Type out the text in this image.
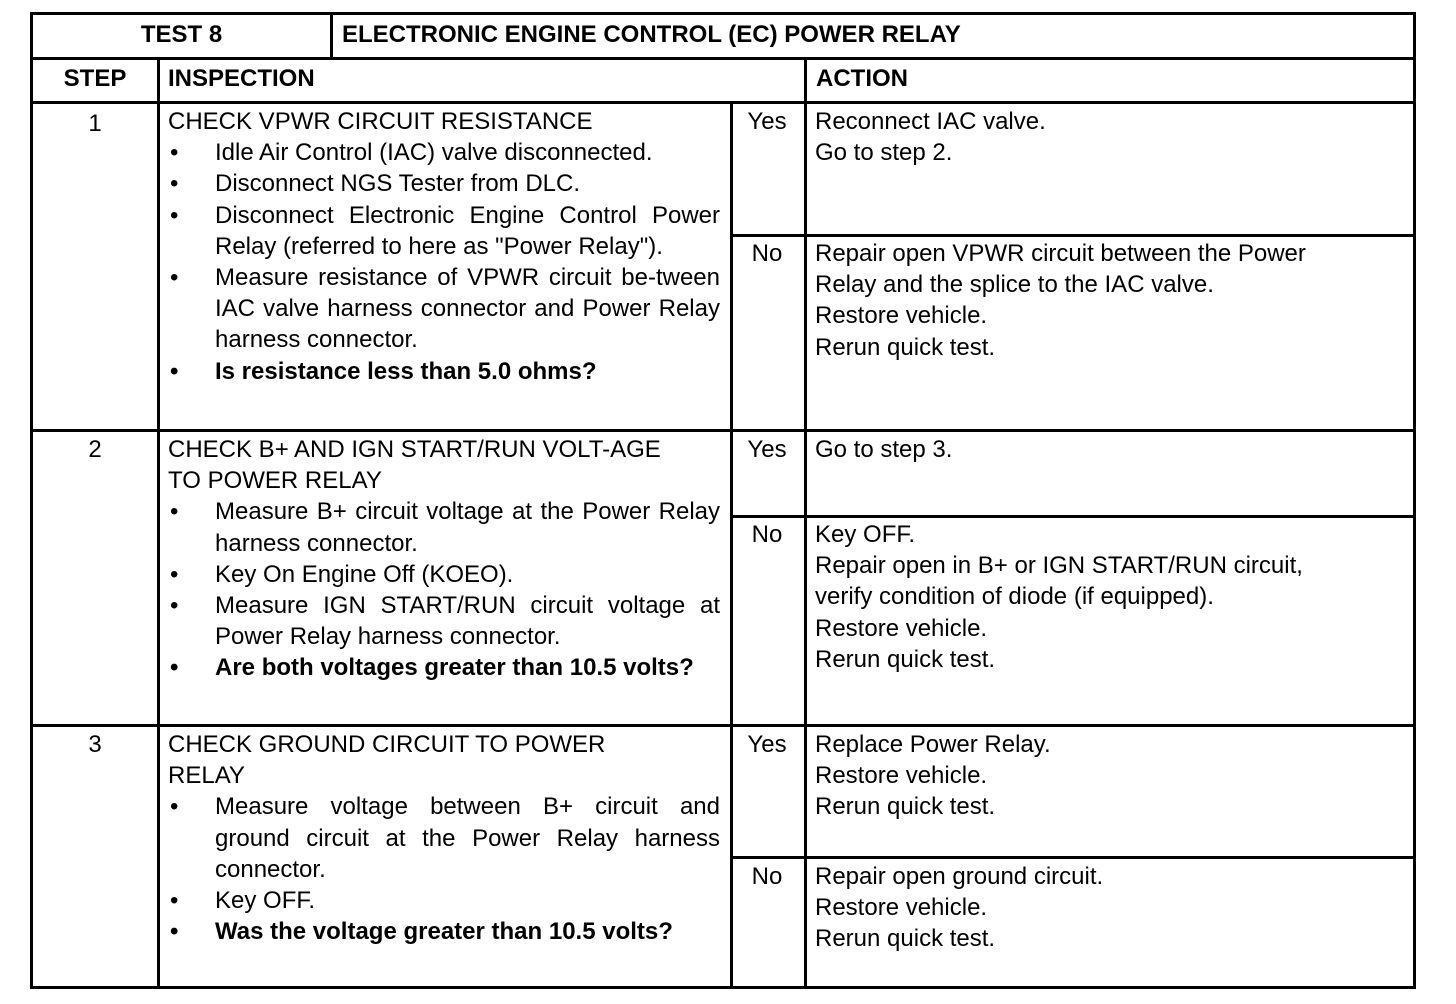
TEST 8	ELECTRONIC ENGINE CONTROL (EC) POWER RELAY
STEP	INSPECTION	ACTION
1	CHECK VPWR CIRCUIT RESISTANCE
• Idle Air Control (IAC) valve disconnected.
• Disconnect NGS Tester from DLC.
• Disconnect Electronic Engine Control Power Relay (referred to here as "Power Relay").
• Measure resistance of VPWR circuit be-tween IAC valve harness connector and Power Relay harness connector.
• Is resistance less than 5.0 ohms?
Yes	Reconnect IAC valve.
Go to step 2.
No	Repair open VPWR circuit between the Power
Relay and the splice to the IAC valve.
Restore vehicle.
Rerun quick test.
2	CHECK B+ AND IGN START/RUN VOLT-AGE TO POWER RELAY
• Measure B+ circuit voltage at the Power Relay harness connector.
• Key On Engine Off (KOEO).
• Measure IGN START/RUN circuit voltage at Power Relay harness connector.
• Are both voltages greater than 10.5 volts?
Yes	Go to step 3.
No	Key OFF.
Repair open in B+ or IGN START/RUN circuit,
verify condition of diode (if equipped).
Restore vehicle.
Rerun quick test.
3	CHECK GROUND CIRCUIT TO POWER RELAY
• Measure voltage between B+ circuit and ground circuit at the Power Relay harness connector.
• Key OFF.
• Was the voltage greater than 10.5 volts?
Yes	Replace Power Relay.
Restore vehicle.
Rerun quick test.
No	Repair open ground circuit.
Restore vehicle.
Rerun quick test.
